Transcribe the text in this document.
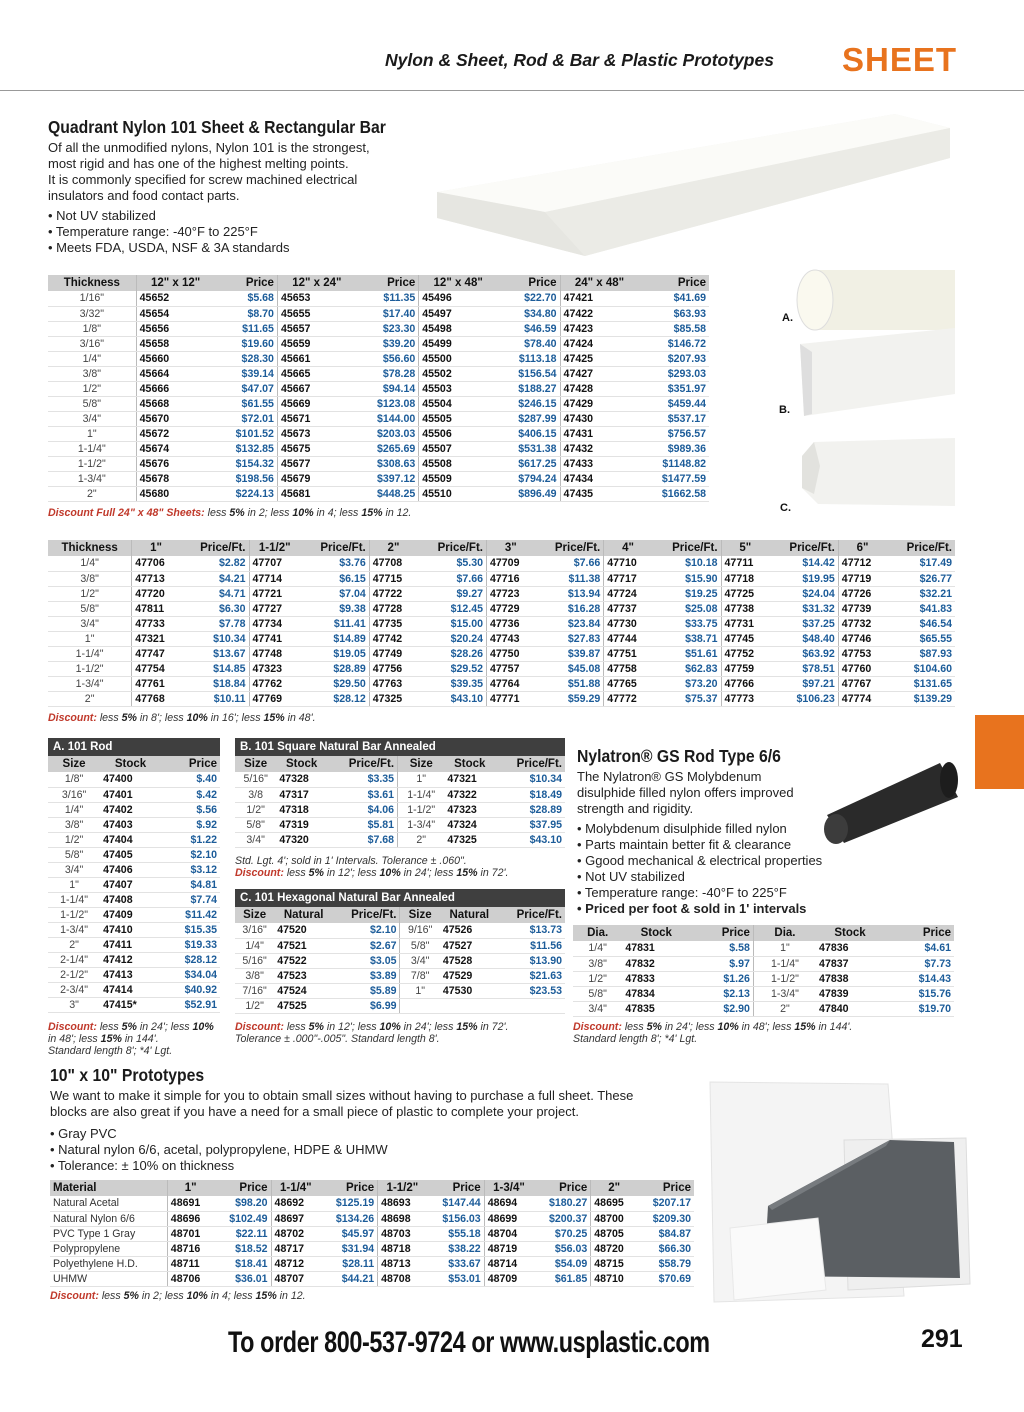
Nylon & Sheet, Rod & Bar & Plastic Prototypes SHEET
Quadrant Nylon 101 Sheet & Rectangular Bar
Of all the unmodified nylons, Nylon 101 is the strongest,
most rigid and has one of the highest melting points.
It is commonly specified for screw machined electrical
insulators and food contact parts.
• Not UV stabilized
• Temperature range: -40°F to 225°F
• Meets FDA, USDA, NSF & 3A standards
Thickness	12" x 12"	Price	12" x 24"	Price	12" x 48"	Price	24" x 48"	Price
1/16"	45652	$5.68	45653	$11.35	45496	$22.70	47421	$41.69
3/32"	45654	$8.70	45655	$17.40	45497	$34.80	47422	$63.93
1/8"	45656	$11.65	45657	$23.30	45498	$46.59	47423	$85.58
3/16"	45658	$19.60	45659	$39.20	45499	$78.40	47424	$146.72
1/4"	45660	$28.30	45661	$56.60	45500	$113.18	47425	$207.93
3/8"	45664	$39.14	45665	$78.28	45502	$156.54	47427	$293.03
1/2"	45666	$47.07	45667	$94.14	45503	$188.27	47428	$351.97
5/8"	45668	$61.55	45669	$123.08	45504	$246.15	47429	$459.44
3/4"	45670	$72.01	45671	$144.00	45505	$287.99	47430	$537.17
1"	45672	$101.52	45673	$203.03	45506	$406.15	47431	$756.57
1-1/4"	45674	$132.85	45675	$265.69	45507	$531.38	47432	$989.36
1-1/2"	45676	$154.32	45677	$308.63	45508	$617.25	47433	$1148.82
1-3/4"	45678	$198.56	45679	$397.12	45509	$794.24	47434	$1477.59
2"	45680	$224.13	45681	$448.25	45510	$896.49	47435	$1662.58
Discount Full 24" x 48" Sheets: less 5% in 2; less 10% in 4; less 15% in 12.
A.
B.
C.
Thickness	1"	Price/Ft.	1-1/2"	Price/Ft.	2"	Price/Ft.	3"	Price/Ft.	4"	Price/Ft.	5"	Price/Ft.	6"	Price/Ft.
1/4"	47706	$2.82	47707	$3.76	47708	$5.30	47709	$7.66	47710	$10.18	47711	$14.42	47712	$17.49
3/8"	47713	$4.21	47714	$6.15	47715	$7.66	47716	$11.38	47717	$15.90	47718	$19.95	47719	$26.77
1/2"	47720	$4.71	47721	$7.04	47722	$9.27	47723	$13.94	47724	$19.25	47725	$24.04	47726	$32.21
5/8"	47811	$6.30	47727	$9.38	47728	$12.45	47729	$16.28	47737	$25.08	47738	$31.32	47739	$41.83
3/4"	47733	$7.78	47734	$11.41	47735	$15.00	47736	$23.84	47730	$33.75	47731	$37.25	47732	$46.54
1"	47321	$10.34	47741	$14.89	47742	$20.24	47743	$27.83	47744	$38.71	47745	$48.40	47746	$65.55
1-1/4"	47747	$13.67	47748	$19.05	47749	$28.26	47750	$39.87	47751	$51.61	47752	$63.92	47753	$87.93
1-1/2"	47754	$14.85	47323	$28.89	47756	$29.52	47757	$45.08	47758	$62.83	47759	$78.51	47760	$104.60
1-3/4"	47761	$18.84	47762	$29.50	47763	$39.35	47764	$51.88	47765	$73.20	47766	$97.21	47767	$131.65
2"	47768	$10.11	47769	$28.12	47325	$43.10	47771	$59.29	47772	$75.37	47773	$106.23	47774	$139.29
Discount: less 5% in 8'; less 10% in 16'; less 15% in 48'.
A. 101 Rod
Size	Stock	Price
1/8"	47400	$.40
3/16"	47401	$.42
1/4"	47402	$.56
3/8"	47403	$.92
1/2"	47404	$1.22
5/8"	47405	$2.10
3/4"	47406	$3.12
1"	47407	$4.81
1-1/4"	47408	$7.74
1-1/2"	47409	$11.42
1-3/4"	47410	$15.35
2"	47411	$19.33
2-1/4"	47412	$28.12
2-1/2"	47413	$34.04
2-3/4"	47414	$40.92
3"	47415*	$52.91
Discount: less 5% in 24'; less 10% in 48'; less 15% in 144'.
Standard length 8'; *4' Lgt.
B. 101 Square Natural Bar Annealed
Size	Stock	Price/Ft.	Size	Stock	Price/Ft.
5/16"	47328	$3.35	1"	47321	$10.34
3/8	47317	$3.61	1-1/4"	47322	$18.49
1/2"	47318	$4.06	1-1/2"	47323	$28.89
5/8"	47319	$5.81	1-3/4"	47324	$37.95
3/4"	47320	$7.68	2"	47325	$43.10
Std. Lgt. 4'; sold in 1' Intervals. Tolerance ± .060".
Discount: less 5% in 12'; less 10% in 24'; less 15% in 72'.
C. 101 Hexagonal Natural Bar Annealed
Size	Natural	Price/Ft.	Size	Natural	Price/Ft.
3/16"	47520	$2.10	9/16"	47526	$13.73
1/4"	47521	$2.67	5/8"	47527	$11.56
5/16"	47522	$3.05	3/4"	47528	$13.90
3/8"	47523	$3.89	7/8"	47529	$21.63
7/16"	47524	$5.89	1"	47530	$23.53
1/2"	47525	$6.99			
Discount: less 5% in 12'; less 10% in 24'; less 15% in 72'.
Tolerance ± .000"-.005". Standard length 8'.
Nylatron® GS Rod Type 6/6
The Nylatron® GS Molybdenum
disulphide filled nylon offers improved
strength and rigidity.
• Molybdenum disulphide filled nylon
• Parts maintain better fit & clearance
• Ggood mechanical & electrical properties
• Not UV stabilized
• Temperature range: -40°F to 225°F
• Priced per foot & sold in 1' intervals
Dia.	Stock	Price	Dia.	Stock	Price
1/4"	47831	$.58	1"	47836	$4.61
3/8"	47832	$.97	1-1/4"	47837	$7.73
1/2"	47833	$1.26	1-1/2"	47838	$14.43
5/8"	47834	$2.13	1-3/4"	47839	$15.76
3/4"	47835	$2.90	2"	47840	$19.70
Discount: less 5% in 24'; less 10% in 48'; less 15% in 144'.
Standard length 8'; *4' Lgt.
10" x 10" Prototypes
We want to make it simple for you to obtain small sizes without having to purchase a full sheet. These
blocks are also great if you have a need for a small piece of plastic to complete your project.
• Gray PVC
• Natural nylon 6/6, acetal, polypropylene, HDPE & UHMW
• Tolerance: ± 10% on thickness
Material	1"	Price	1-1/4"	Price	1-1/2"	Price	1-3/4"	Price	2"	Price
Natural Acetal	48691	$98.20	48692	$125.19	48693	$147.44	48694	$180.27	48695	$207.17
Natural Nylon 6/6	48696	$102.49	48697	$134.26	48698	$156.03	48699	$200.37	48700	$209.30
PVC Type 1 Gray	48701	$22.11	48702	$45.97	48703	$55.18	48704	$70.25	48705	$84.87
Polypropylene	48716	$18.52	48717	$31.94	48718	$38.22	48719	$56.03	48720	$66.30
Polyethylene H.D.	48711	$18.41	48712	$28.11	48713	$33.67	48714	$54.09	48715	$58.79
UHMW	48706	$36.01	48707	$44.21	48708	$53.01	48709	$61.85	48710	$70.69
Discount: less 5% in 2; less 10% in 4; less 15% in 12.
To order 800-537-9724 or www.usplastic.com	291
